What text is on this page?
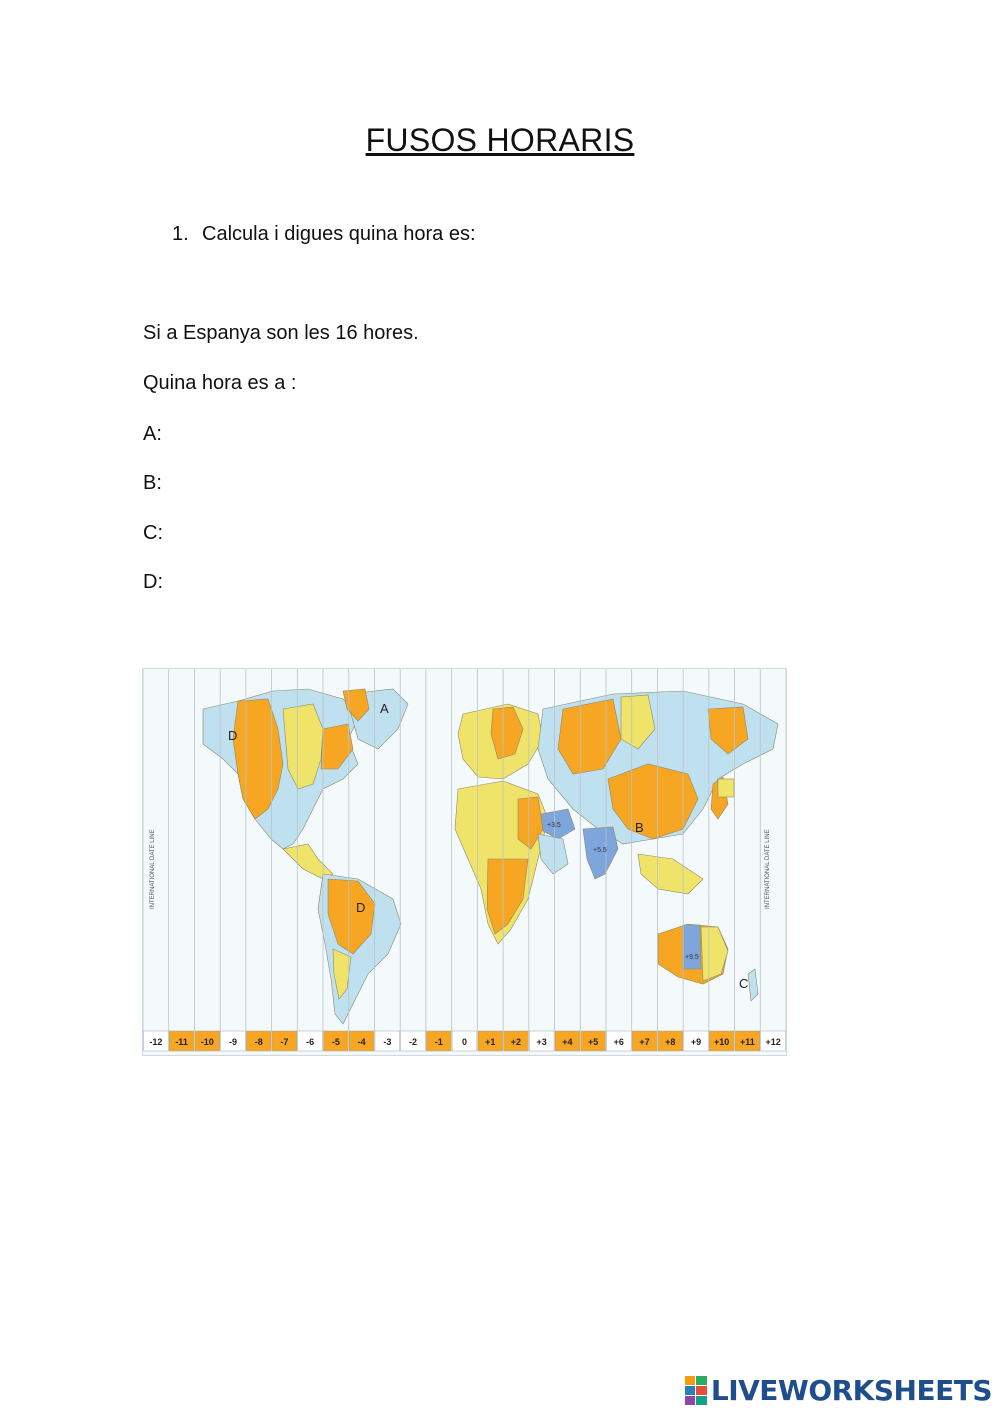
FUSOS HORARIS
1. Calcula i digues quina hora es:
Si a Espanya son les 16 hores.
Quina hora es a :
A:
B:
C:
D:
-12 -11 -10 -9 -8 -7 -6 -5 -4 -3 -2 -1 0 +1 +2 +3 +4 +5 +6 +7 +8 +9 +10 +11 +12
A
B
C
D
D
+3.5
+5.5
+9.5
INTERNATIONAL DATE LINE	INTERNATIONAL DATE LINE
LIVEWORKSHEETS
